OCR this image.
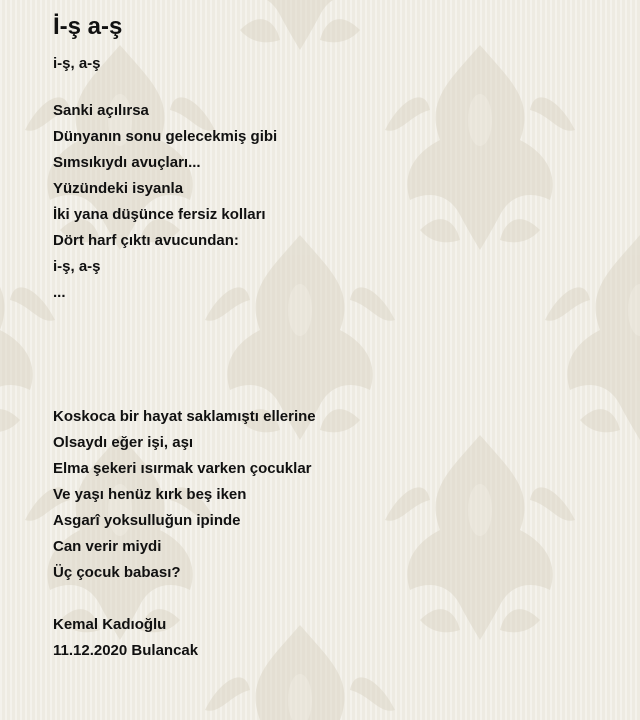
İ-ş a-ş
i-ş, a-ş
Sanki açılırsa
Dünyanın sonu gelecekmiş gibi
Sımsıkıydı avuçları...
Yüzündeki isyanla
İki yana düşünce fersiz kolları
Dört harf çıktı avucundan:
i-ş, a-ş
...
Koskoca bir hayat saklamıştı ellerine
Olsaydı eğer işi, aşı
Elma şekeri ısırmak varken çocuklar
Ve yaşı henüz kırk beş iken
Asgarî yoksulluğun ipinde
Can verir miydi
Üç çocuk babası?
Kemal Kadıoğlu
11.12.2020 Bulancak
